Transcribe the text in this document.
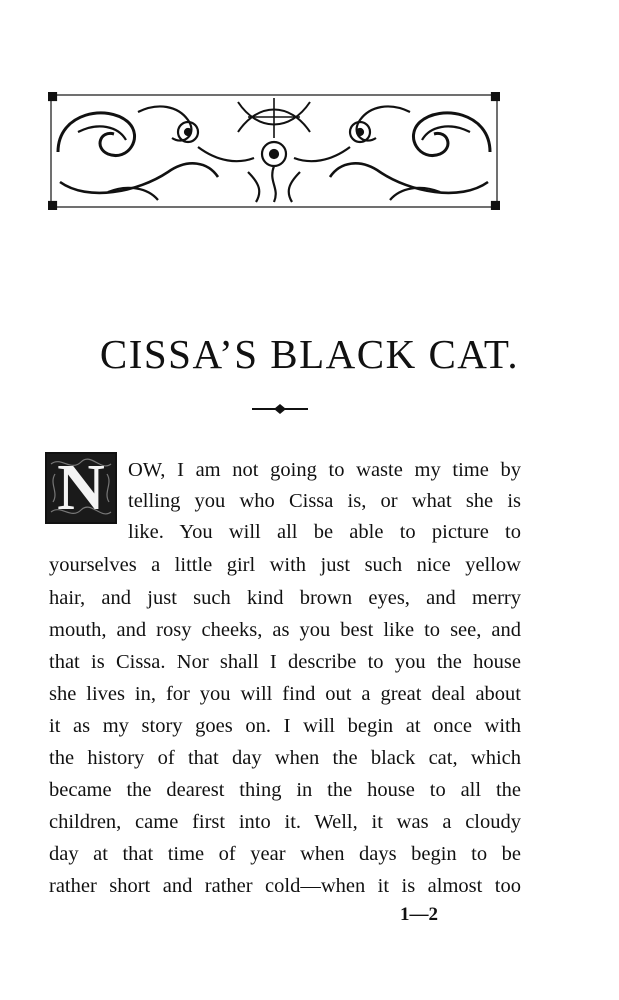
CISSA’S BLACK CAT.
N	OW, I am not going to waste my time by
telling you who Cissa is, or what she is
like. You will all be able to picture to
yourselves a little girl with just such nice yellow
hair, and just such kind brown eyes, and merry
mouth, and rosy cheeks, as you best like to see, and
that is Cissa. Nor shall I describe to you the house
she lives in, for you will find out a great deal about
it as my story goes on. I will begin at once with
the history of that day when the black cat, which
became the dearest thing in the house to all the
children, came first into it. Well, it was a cloudy
day at that time of year when days begin to be
rather short and rather cold—when it is almost too
1—2
